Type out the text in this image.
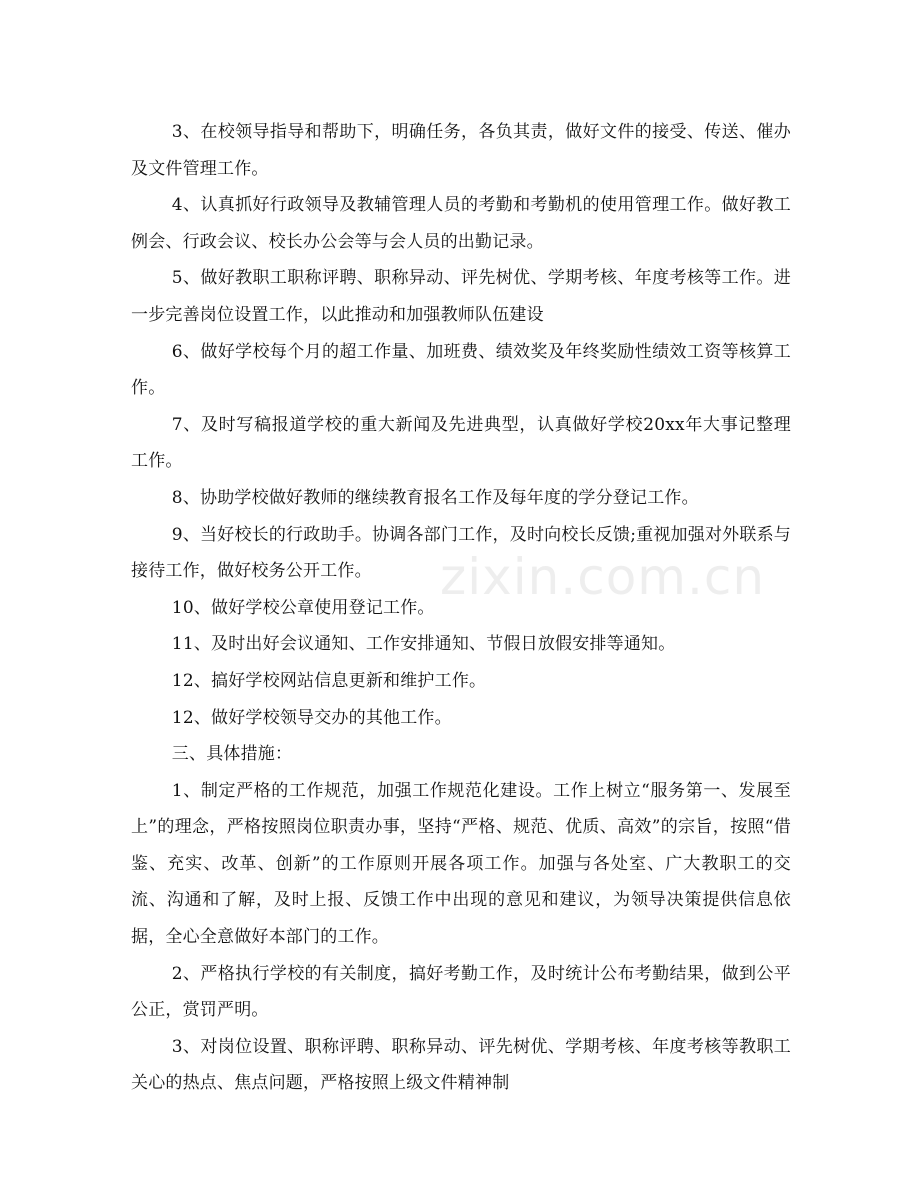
3、在校领导指导和帮助下，明确任务，各负其责，做好文件的接受、传送、催办及文件管理工作。

4、认真抓好行政领导及教辅管理人员的考勤和考勤机的使用管理工作。做好教工例会、行政会议、校长办公会等与会人员的出勤记录。

5、做好教职工职称评聘、职称异动、评先树优、学期考核、年度考核等工作。进一步完善岗位设置工作，以此推动和加强教师队伍建设

6、做好学校每个月的超工作量、加班费、绩效奖及年终奖励性绩效工资等核算工作。

7、及时写稿报道学校的重大新闻及先进典型，认真做好学校20xx年大事记整理工作。

8、协助学校做好教师的继续教育报名工作及每年度的学分登记工作。

9、当好校长的行政助手。协调各部门工作，及时向校长反馈;重视加强对外联系与接待工作，做好校务公开工作。

10、做好学校公章使用登记工作。

11、及时出好会议通知、工作安排通知、节假日放假安排等通知。

12、搞好学校网站信息更新和维护工作。

12、做好学校领导交办的其他工作。

三、具体措施：

1、制定严格的工作规范，加强工作规范化建设。工作上树立“服务第一、发展至上”的理念，严格按照岗位职责办事，坚持“严格、规范、优质、高效”的宗旨，按照“借鉴、充实、改革、创新”的工作原则开展各项工作。加强与各处室、广大教职工的交流、沟通和了解，及时上报、反馈工作中出现的意见和建议，为领导决策提供信息依据，全心全意做好本部门的工作。

2、严格执行学校的有关制度，搞好考勤工作，及时统计公布考勤结果，做到公平公正，赏罚严明。

3、对岗位设置、职称评聘、职称异动、评先树优、学期考核、年度考核等教职工关心的热点、焦点问题，严格按照上级文件精神制

zixin.com.cn
